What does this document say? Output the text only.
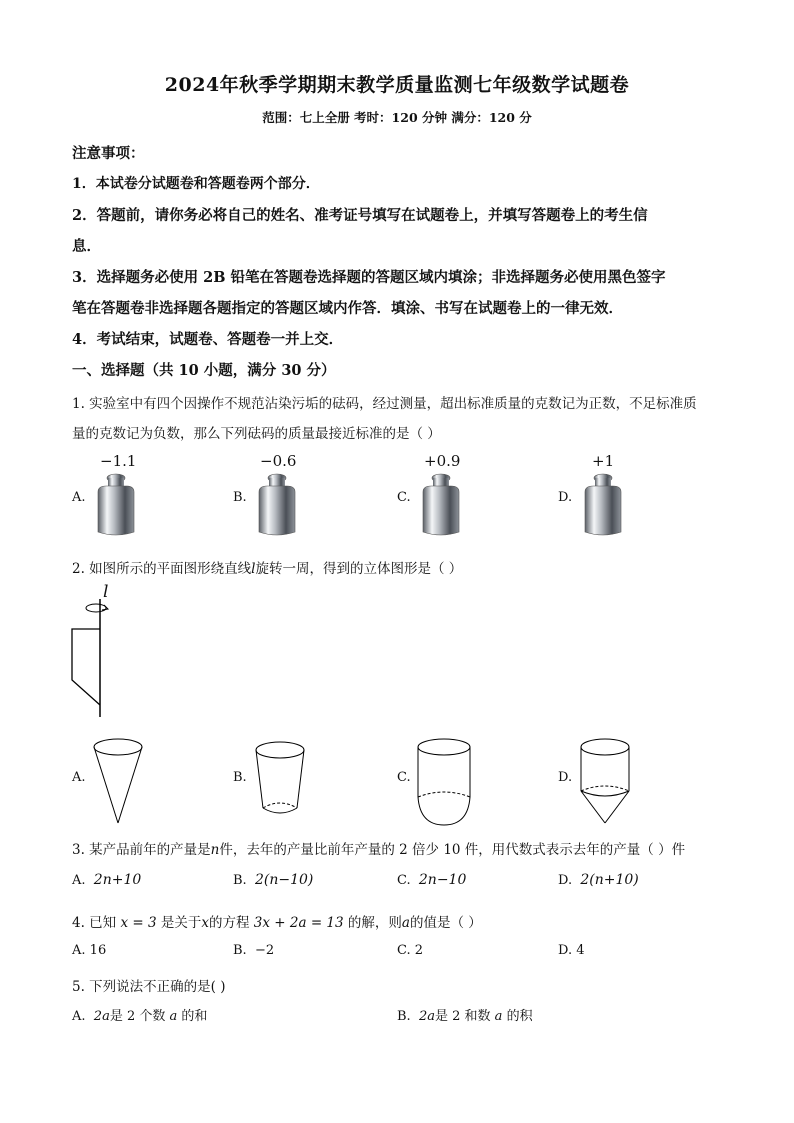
2024年秋季学期期末教学质量监测七年级数学试题卷
范围：七上全册 考时：120 分钟 满分：120 分
注意事项：
1．本试卷分试题卷和答题卷两个部分．
2．答题前，请你务必将自己的姓名、准考证号填写在试题卷上，并填写答题卷上的考生信
息．
3．选择题务必使用 2B 铅笔在答题卷选择题的答题区域内填涂；非选择题务必使用黑色签字
笔在答题卷非选择题各题指定的答题区域内作答．填涂、书写在试题卷上的一律无效．
4．考试结束，试题卷、答题卷一并上交．
一、选择题（共 10 小题，满分 30 分）
1. 实验室中有四个因操作不规范沾染污垢的砝码，经过测量，超出标准质量的克数记为正数，不足标准质
量的克数记为负数，那么下列砝码的质量最接近标准的是（ ）
A.
−1.1
B.
−0.6
C.
+0.9
D.
+1
2. 如图所示的平面图形绕直线l旋转一周，得到的立体图形是（ ）
l
A.	B.	C.	D.
3. 某产品前年的产量是n件，去年的产量比前年产量的 2 倍少 10 件，用代数式表示去年的产量（ ）件
A. 2n+10	B. 2(n−10)	C. 2n−10	D. 2(n+10)
4. 已知 x = 3 是关于x的方程 3x + 2a = 13 的解，则a的值是（ ）
A. 16	B. −2	C. 2	D. 4
5. 下列说法不正确的是( )
A. 2a是 2 个数 a 的和	B. 2a是 2 和数 a 的积
